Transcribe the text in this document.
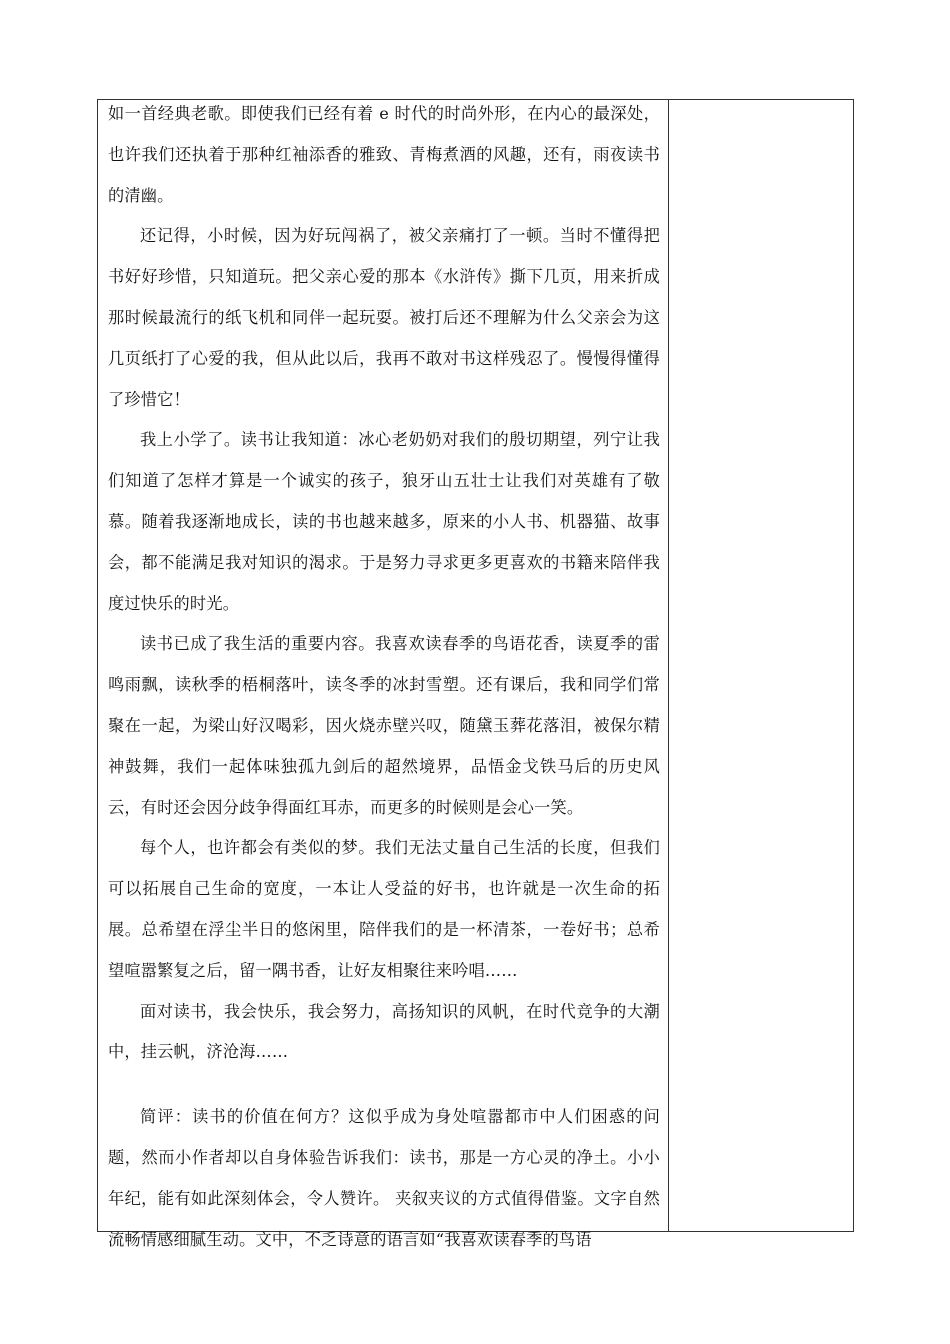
如一首经典老歌。即使我们已经有着 e 时代的时尚外形，在内心的最深处，也许我们还执着于那种红袖添香的雅致、青梅煮酒的风趣，还有，雨夜读书的清幽。

还记得，小时候，因为好玩闯祸了，被父亲痛打了一顿。当时不懂得把书好好珍惜，只知道玩。把父亲心爱的那本《水浒传》撕下几页，用来折成那时候最流行的纸飞机和同伴一起玩耍。被打后还不理解为什么父亲会为这几页纸打了心爱的我，但从此以后，我再不敢对书这样残忍了。慢慢得懂得了珍惜它！

我上小学了。读书让我知道：冰心老奶奶对我们的殷切期望，列宁让我们知道了怎样才算是一个诚实的孩子，狼牙山五壮士让我们对英雄有了敬慕。随着我逐渐地成长，读的书也越来越多，原来的小人书、机器猫、故事会，都不能满足我对知识的渴求。于是努力寻求更多更喜欢的书籍来陪伴我度过快乐的时光。

读书已成了我生活的重要内容。我喜欢读春季的鸟语花香，读夏季的雷鸣雨飘，读秋季的梧桐落叶，读冬季的冰封雪塑。还有课后，我和同学们常聚在一起，为梁山好汉喝彩，因火烧赤壁兴叹，随黛玉葬花落泪，被保尔精神鼓舞，我们一起体味独孤九剑后的超然境界，品悟金戈铁马后的历史风云，有时还会因分歧争得面红耳赤，而更多的时候则是会心一笑。

每个人，也许都会有类似的梦。我们无法丈量自己生活的长度，但我们可以拓展自己生命的宽度，一本让人受益的好书，也许就是一次生命的拓展。总希望在浮尘半日的悠闲里，陪伴我们的是一杯清茶，一卷好书；总希望喧嚣繁复之后，留一隅书香，让好友相聚往来吟唱……

面对读书，我会快乐，我会努力，高扬知识的风帆，在时代竞争的大潮中，挂云帆，济沧海……

简评：读书的价值在何方？这似乎成为身处喧嚣都市中人们困惑的问题，然而小作者却以自身体验告诉我们：读书，那是一方心灵的净土。小小年纪，能有如此深刻体会，令人赞许。 夹叙夹议的方式值得借鉴。文字自然流畅情感细腻生动。文中，不乏诗意的语言如“我喜欢读春季的鸟语
